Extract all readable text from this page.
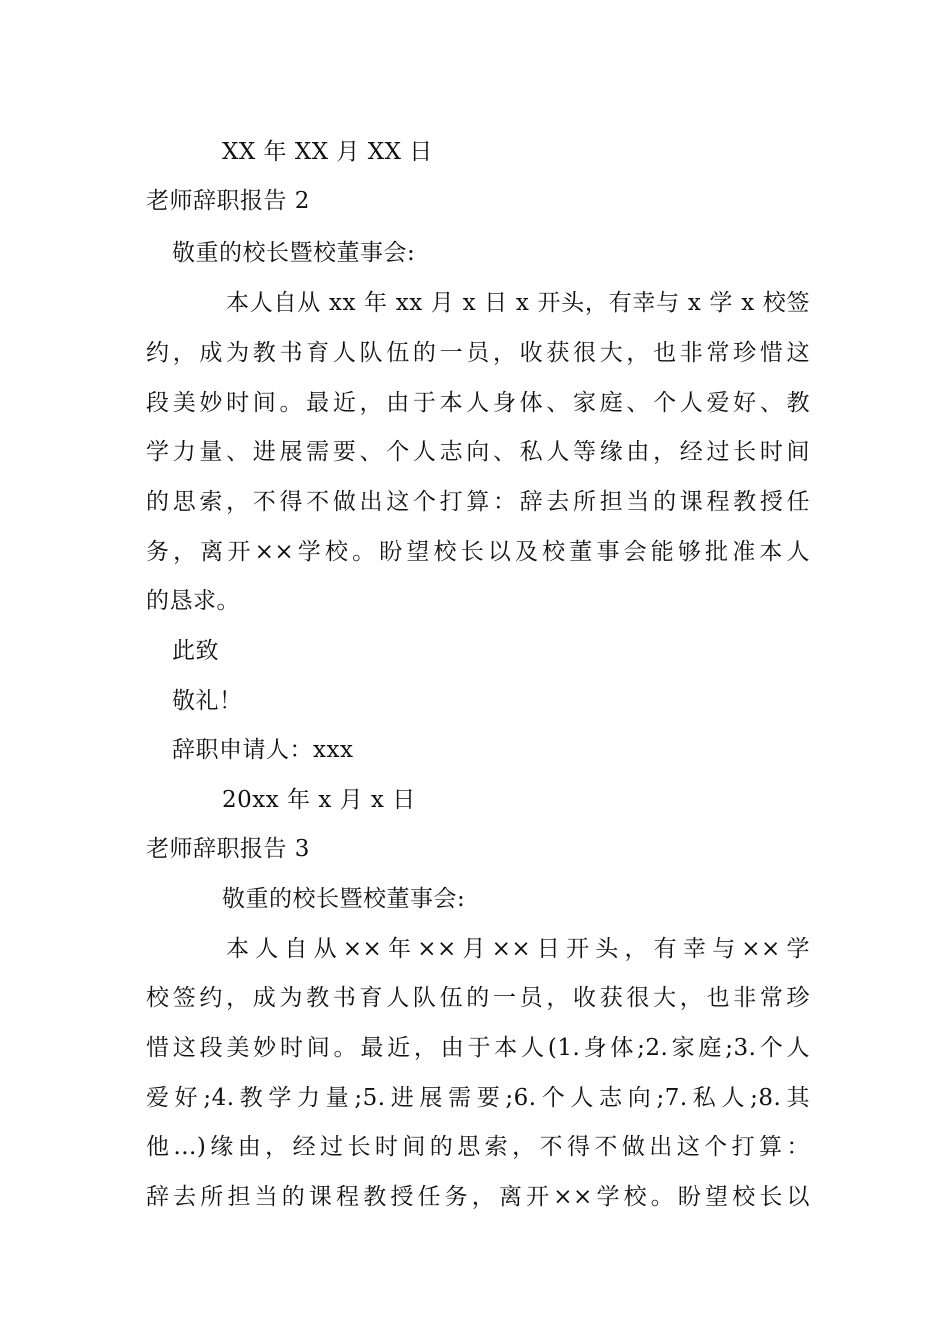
XX 年 XX 月 XX 日
老师辞职报告 2
敬重的校长暨校董事会:
本人自从 xx 年 xx 月 x 日 x 开头，有幸与 x 学 x 校签
约，成为教书育人队伍的一员，收获很大，也非常珍惜这
段美妙时间。最近，由于本人身体、家庭、个人爱好、教
学力量、进展需要、个人志向、私人等缘由，经过长时间
的思索，不得不做出这个打算：辞去所担当的课程教授任
务，离开××学校。盼望校长以及校董事会能够批准本人
的恳求。
此致
敬礼！
辞职申请人：xxx
20xx 年 x 月 x 日
老师辞职报告 3
敬重的校长暨校董事会:
本人自从××年××月××日开头，有幸与××学
校签约，成为教书育人队伍的一员，收获很大，也非常珍
惜这段美妙时间。最近，由于本人(1.身体;2.家庭;3.个人
爱好;4.教学力量;5.进展需要;6.个人志向;7.私人;8.其
他...)缘由，经过长时间的思索，不得不做出这个打算：
辞去所担当的课程教授任务，离开××学校。盼望校长以
